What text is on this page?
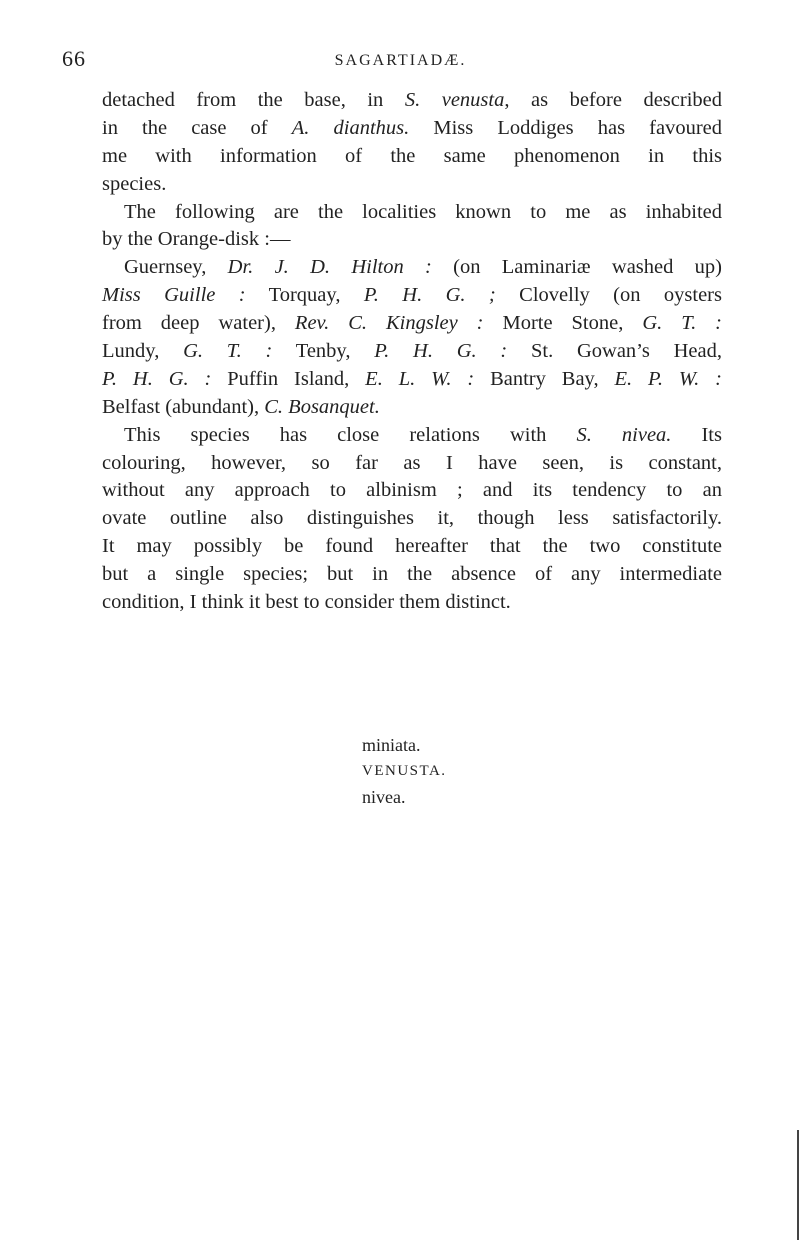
66	SAGARTIADÆ.
detached from the base, in S. venusta, as before described
in the case of A. dianthus. Miss Loddiges has favoured
me with information of the same phenomenon in this
species.
The following are the localities known to me as inhabited
by the Orange-disk :—
Guernsey, Dr. J. D. Hilton : (on Laminariæ washed up)
Miss Guille : Torquay, P. H. G. ; Clovelly (on oysters
from deep water), Rev. C. Kingsley : Morte Stone, G. T. :
Lundy, G. T. : Tenby, P. H. G. : St. Gowan’s Head,
P. H. G. : Puffin Island, E. L. W. : Bantry Bay, E. P. W. :
Belfast (abundant), C. Bosanquet.
This species has close relations with S. nivea. Its
colouring, however, so far as I have seen, is constant,
without any approach to albinism ; and its tendency to an
ovate outline also distinguishes it, though less satisfactorily.
It may possibly be found hereafter that the two constitute
but a single species; but in the absence of any intermediate
condition, I think it best to consider them distinct.
miniata.
VENUSTA.
nivea.
